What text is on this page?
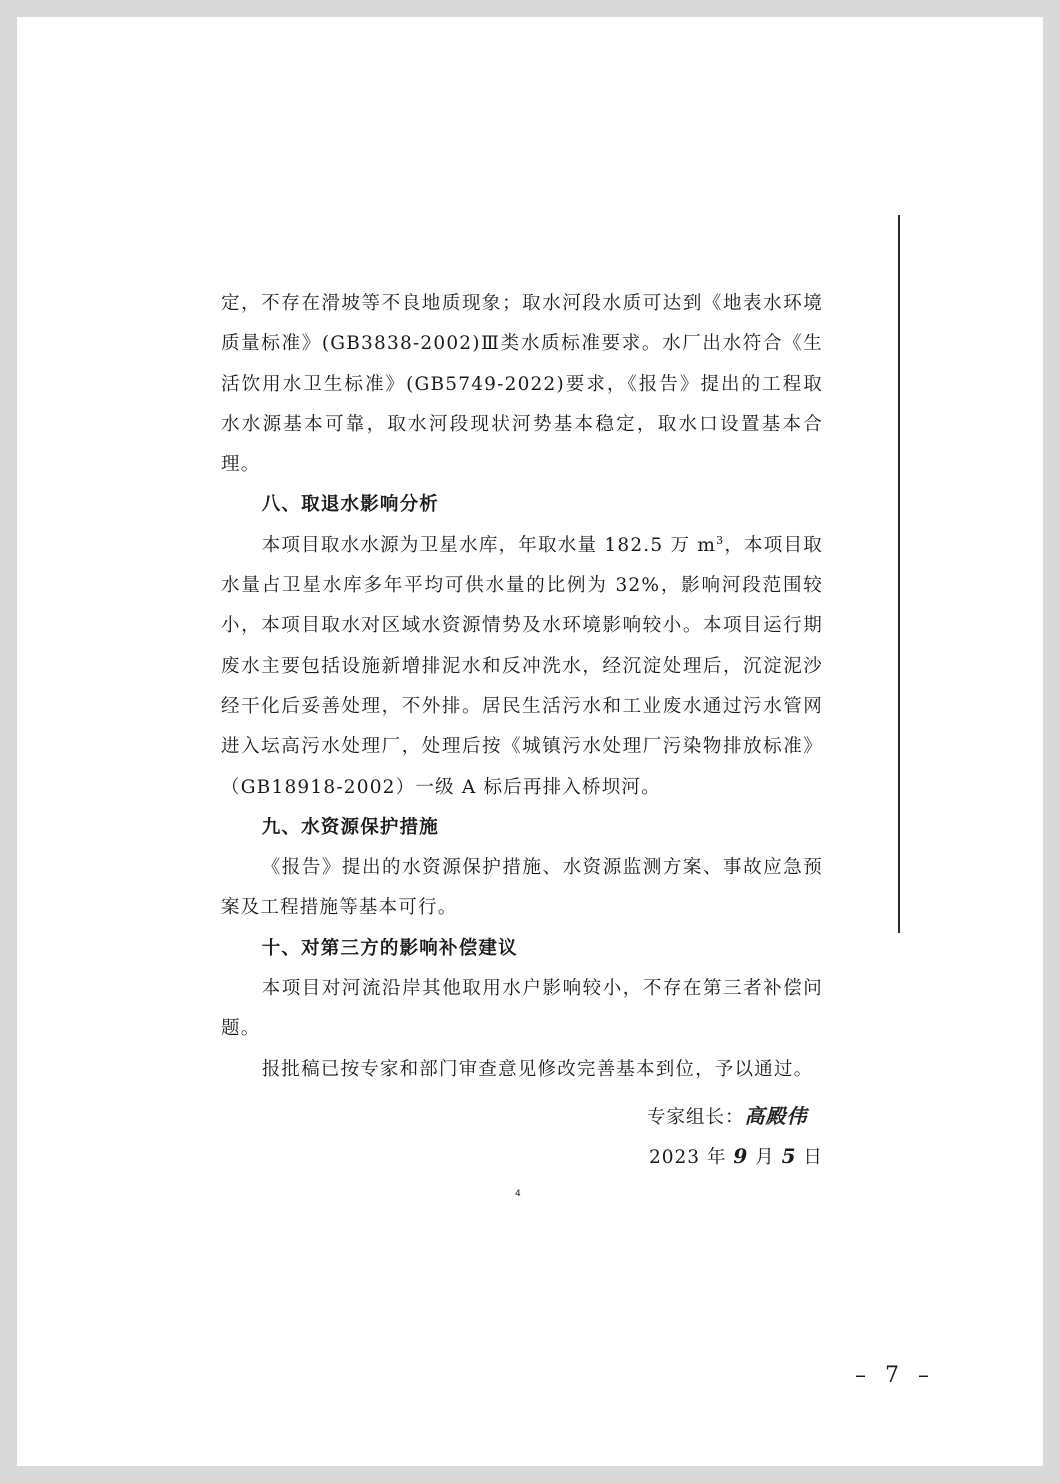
定，不存在滑坡等不良地质现象；取水河段水质可达到《地表水环境质量标准》(GB3838-2002)Ⅲ类水质标准要求。水厂出水符合《生活饮用水卫生标准》(GB5749-2022)要求，《报告》提出的工程取水水源基本可靠，取水河段现状河势基本稳定，取水口设置基本合理。

八、取退水影响分析

本项目取水水源为卫星水库，年取水量 182.5 万 $m^3$，本项目取水量占卫星水库多年平均可供水量的比例为 32%，影响河段范围较小，本项目取水对区域水资源情势及水环境影响较小。本项目运行期废水主要包括设施新增排泥水和反冲洗水，经沉淀处理后，沉淀泥沙经干化后妥善处理，不外排。居民生活污水和工业废水通过污水管网进入坛高污水处理厂，处理后按《城镇污水处理厂污染物排放标准》（GB18918-2002）一级 A 标后再排入桥坝河。

九、水资源保护措施

《报告》提出的水资源保护措施、水资源监测方案、事故应急预案及工程措施等基本可行。

十、对第三方的影响补偿建议

本项目对河流沿岸其他取用水户影响较小，不存在第三者补偿问题。

报批稿已按专家和部门审查意见修改完善基本到位，予以通过。

专家组长：高殿伟
2023 年 9 月 5 日
4
– 7 –
